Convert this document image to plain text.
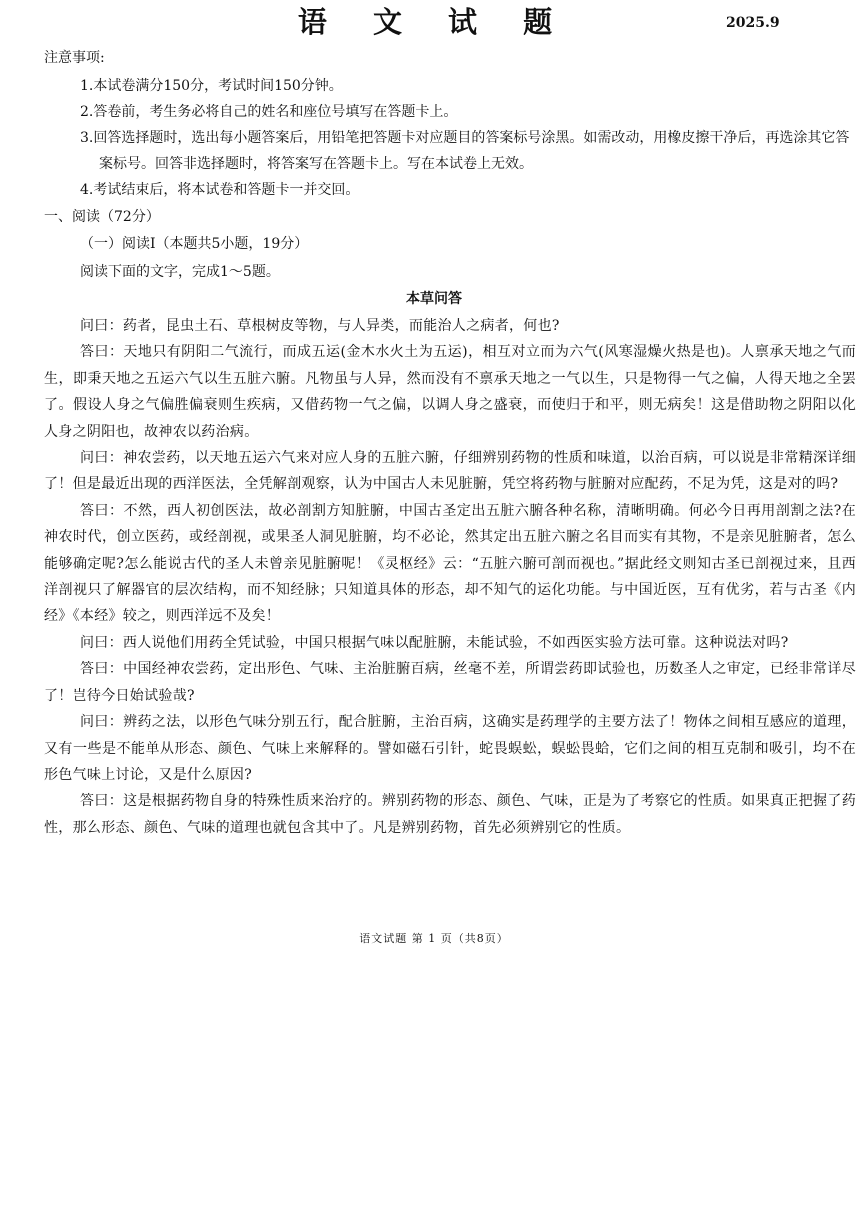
语 文 试 题	2025.9
注意事项:
1.本试卷满分150分，考试时间150分钟。
2.答卷前，考生务必将自己的姓名和座位号填写在答题卡上。
3.回答选择题时，选出每小题答案后，用铅笔把答题卡对应题目的答案标号涂黑。如需改动，用橡皮擦干净后，再选涂其它答案标号。回答非选择题时，将答案写在答题卡上。写在本试卷上无效。
4.考试结束后，将本试卷和答题卡一并交回。
一、阅读（72分）
（一）阅读Ⅰ（本题共5小题，19分）
阅读下面的文字，完成1～5题。
本草问答

问曰：药者，昆虫土石、草根树皮等物，与人异类，而能治人之病者，何也?

答曰：天地只有阴阳二气流行，而成五运(金木水火土为五运)，相互对立而为六气(风寒湿燥火热是也)。人禀承天地之气而生，即秉天地之五运六气以生五脏六腑。凡物虽与人异，然而没有不禀承天地之一气以生，只是物得一气之偏，人得天地之全罢了。假设人身之气偏胜偏衰则生疾病，又借药物一气之偏，以调人身之盛衰，而使归于和平，则无病矣！这是借助物之阴阳以化人身之阴阳也，故神农以药治病。

问曰：神农尝药，以天地五运六气来对应人身的五脏六腑，仔细辨别药物的性质和味道，以治百病，可以说是非常精深详细了！但是最近出现的西洋医法，全凭解剖观察，认为中国古人未见脏腑，凭空将药物与脏腑对应配药，不足为凭，这是对的吗?

答曰：不然，西人初创医法，故必剖割方知脏腑，中国古圣定出五脏六腑各种名称，清晰明确。何必今日再用剖割之法?在神农时代，创立医药，或经剖视，或果圣人洞见脏腑，均不必论，然其定出五脏六腑之名目而实有其物，不是亲见脏腑者，怎么能够确定呢?怎么能说古代的圣人未曾亲见脏腑呢！《灵枢经》云：“五脏六腑可剖而视也。”据此经文则知古圣已剖视过来，且西洋剖视只了解器官的层次结构，而不知经脉；只知道具体的形态，却不知气的运化功能。与中国近医，互有优劣，若与古圣《内经》《本经》较之，则西洋远不及矣！

问曰：西人说他们用药全凭试验，中国只根据气味以配脏腑，未能试验，不如西医实验方法可靠。这种说法对吗?

答曰：中国经神农尝药，定出形色、气味、主治脏腑百病，丝毫不差，所谓尝药即试验也，历数圣人之审定，已经非常详尽了！岂待今日始试验哉?

问曰：辨药之法，以形色气味分别五行，配合脏腑，主治百病，这确实是药理学的主要方法了！物体之间相互感应的道理，又有一些是不能单从形态、颜色、气味上来解释的。譬如磁石引针，蛇畏蜈蚣，蜈蚣畏蛤，它们之间的相互克制和吸引，均不在形色气味上讨论，又是什么原因?

答曰：这是根据药物自身的特殊性质来治疗的。辨别药物的形态、颜色、气味，正是为了考察它的性质。如果真正把握了药性，那么形态、颜色、气味的道理也就包含其中了。凡是辨别药物，首先必须辨别它的性质。

语文试题 第 1 页（共8页）
